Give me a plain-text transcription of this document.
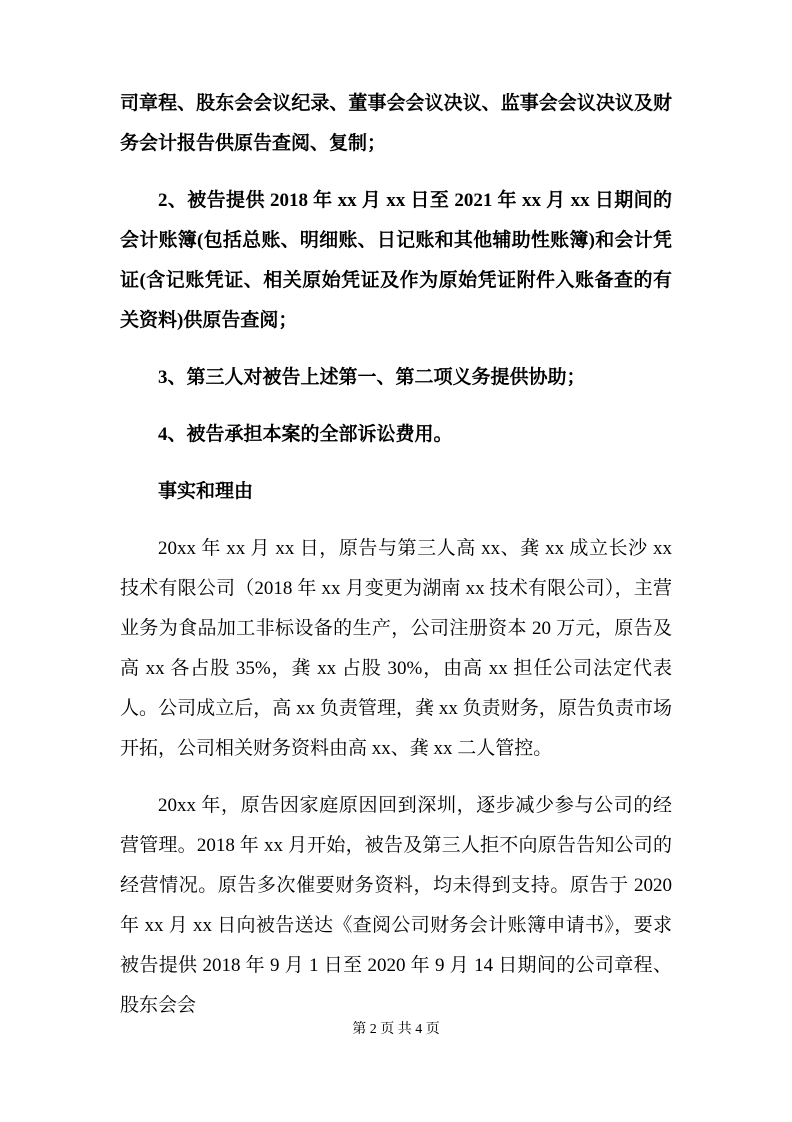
司章程、股东会会议纪录、董事会会议决议、监事会会议决议及财务会计报告供原告查阅、复制；

2、被告提供 2018 年 xx 月 xx 日至 2021 年 xx 月 xx 日期间的会计账簿(包括总账、明细账、日记账和其他辅助性账簿)和会计凭证(含记账凭证、相关原始凭证及作为原始凭证附件入账备查的有关资料)供原告查阅；

3、第三人对被告上述第一、第二项义务提供协助；

4、被告承担本案的全部诉讼费用。

事实和理由

20xx 年 xx 月 xx 日，原告与第三人高 xx、龚 xx 成立长沙 xx 技术有限公司（2018 年 xx 月变更为湖南 xx 技术有限公司），主营业务为食品加工非标设备的生产，公司注册资本 20 万元，原告及高 xx 各占股 35%，龚 xx 占股 30%，由高 xx 担任公司法定代表人。公司成立后，高 xx 负责管理，龚 xx 负责财务，原告负责市场开拓，公司相关财务资料由高 xx、龚 xx 二人管控。

20xx 年，原告因家庭原因回到深圳，逐步减少参与公司的经营管理。2018 年 xx 月开始，被告及第三人拒不向原告告知公司的经营情况。原告多次催要财务资料，均未得到支持。原告于 2020 年 xx 月 xx 日向被告送达《查阅公司财务会计账簿申请书》，要求被告提供 2018 年 9 月 1 日至 2020 年 9 月 14 日期间的公司章程、股东会会

第 2 页 共 4 页
